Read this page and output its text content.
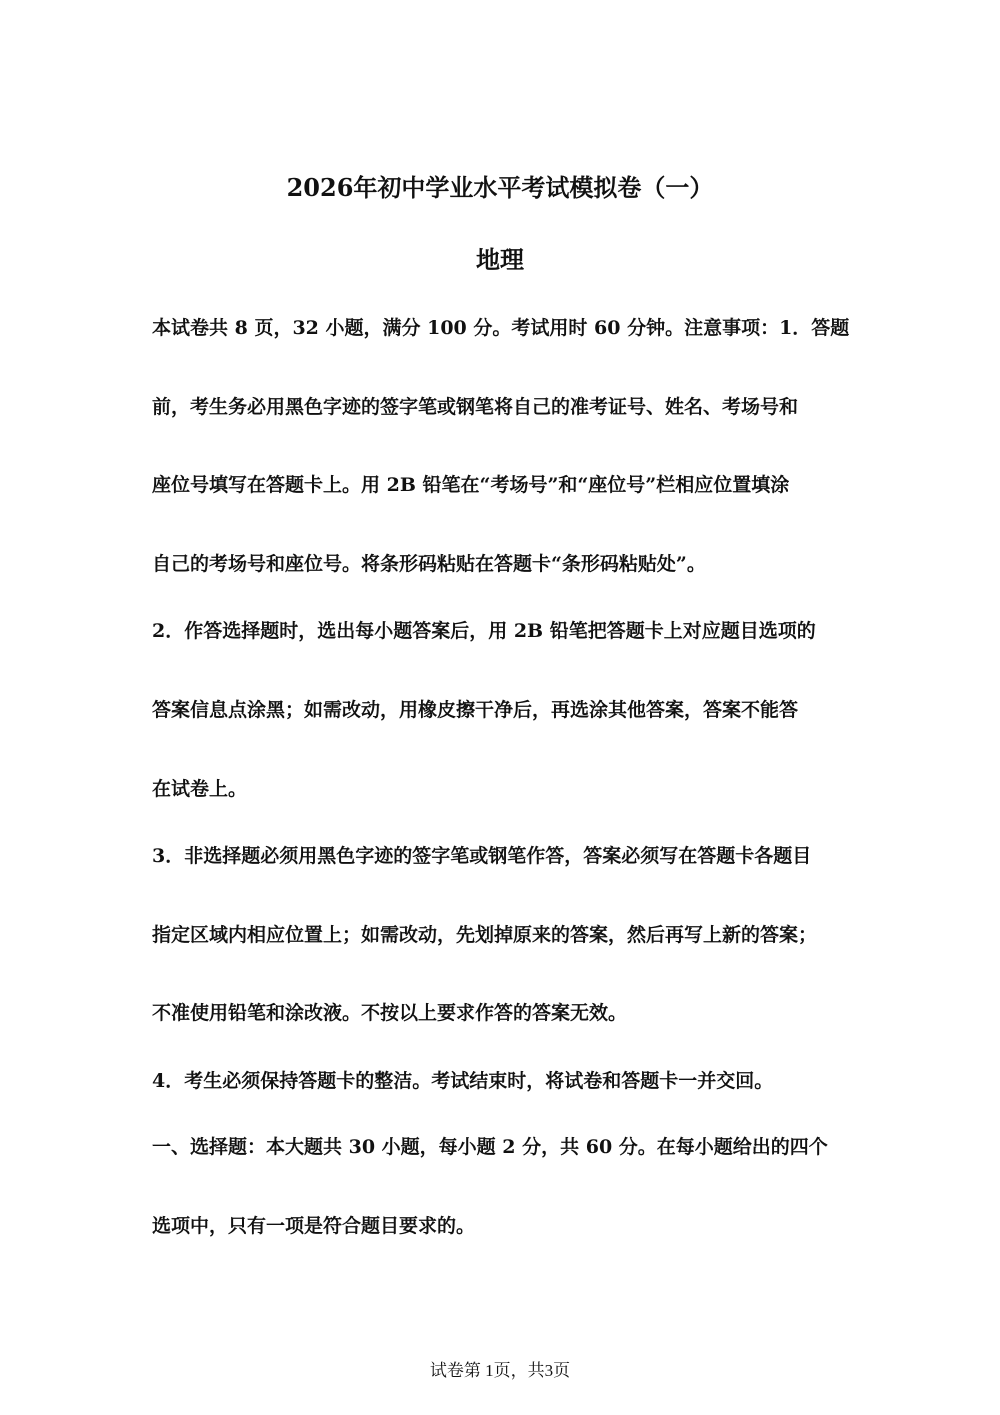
2026年初中学业水平考试模拟卷（一）
地理
本试卷共 8 页，32 小题，满分 100 分。考试用时 60 分钟。注意事项：1．答题
前，考生务必用黑色字迹的签字笔或钢笔将自己的准考证号、姓名、考场号和
座位号填写在答题卡上。用 2B 铅笔在“考场号”和“座位号”栏相应位置填涂
自己的考场号和座位号。将条形码粘贴在答题卡“条形码粘贴处”。
2．作答选择题时，选出每小题答案后，用 2B 铅笔把答题卡上对应题目选项的
答案信息点涂黑；如需改动，用橡皮擦干净后，再选涂其他答案，答案不能答
在试卷上。
3．非选择题必须用黑色字迹的签字笔或钢笔作答，答案必须写在答题卡各题目
指定区域内相应位置上；如需改动，先划掉原来的答案，然后再写上新的答案；
不准使用铅笔和涂改液。不按以上要求作答的答案无效。
4．考生必须保持答题卡的整洁。考试结束时，将试卷和答题卡一并交回。
一、选择题：本大题共 30 小题，每小题 2 分，共 60 分。在每小题给出的四个
选项中，只有一项是符合题目要求的。
试卷第 1页，共3页
